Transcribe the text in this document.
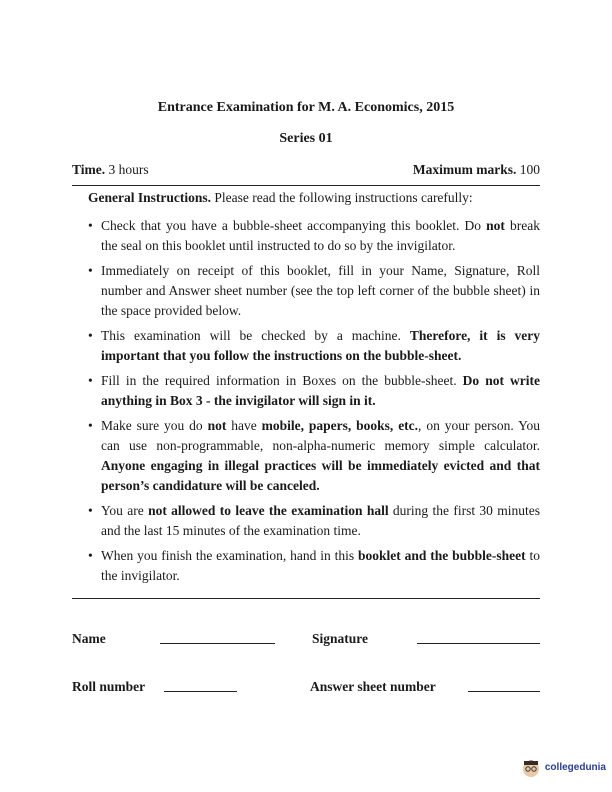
Entrance Examination for M. A. Economics, 2015
Series 01
Time. 3 hours	Maximum marks. 100
General Instructions. Please read the following instructions carefully:
• Check that you have a bubble-sheet accompanying this booklet. Do not break the seal on this booklet until instructed to do so by the invigilator.
• Immediately on receipt of this booklet, fill in your Name, Signature, Roll number and Answer sheet number (see the top left corner of the bubble sheet) in the space provided below.
• This examination will be checked by a machine. Therefore, it is very important that you follow the instructions on the bubble-sheet.
• Fill in the required information in Boxes on the bubble-sheet. Do not write anything in Box 3 - the invigilator will sign in it.
• Make sure you do not have mobile, papers, books, etc., on your person. You can use non-programmable, non-alpha-numeric memory simple calculator. Anyone engaging in illegal practices will be immediately evicted and that person’s candidature will be canceled.
• You are not allowed to leave the examination hall during the first 30 minutes and the last 15 minutes of the examination time.
• When you finish the examination, hand in this booklet and the bubble-sheet to the invigilator.
Name	Signature
Roll number	Answer sheet number
collegedunia
